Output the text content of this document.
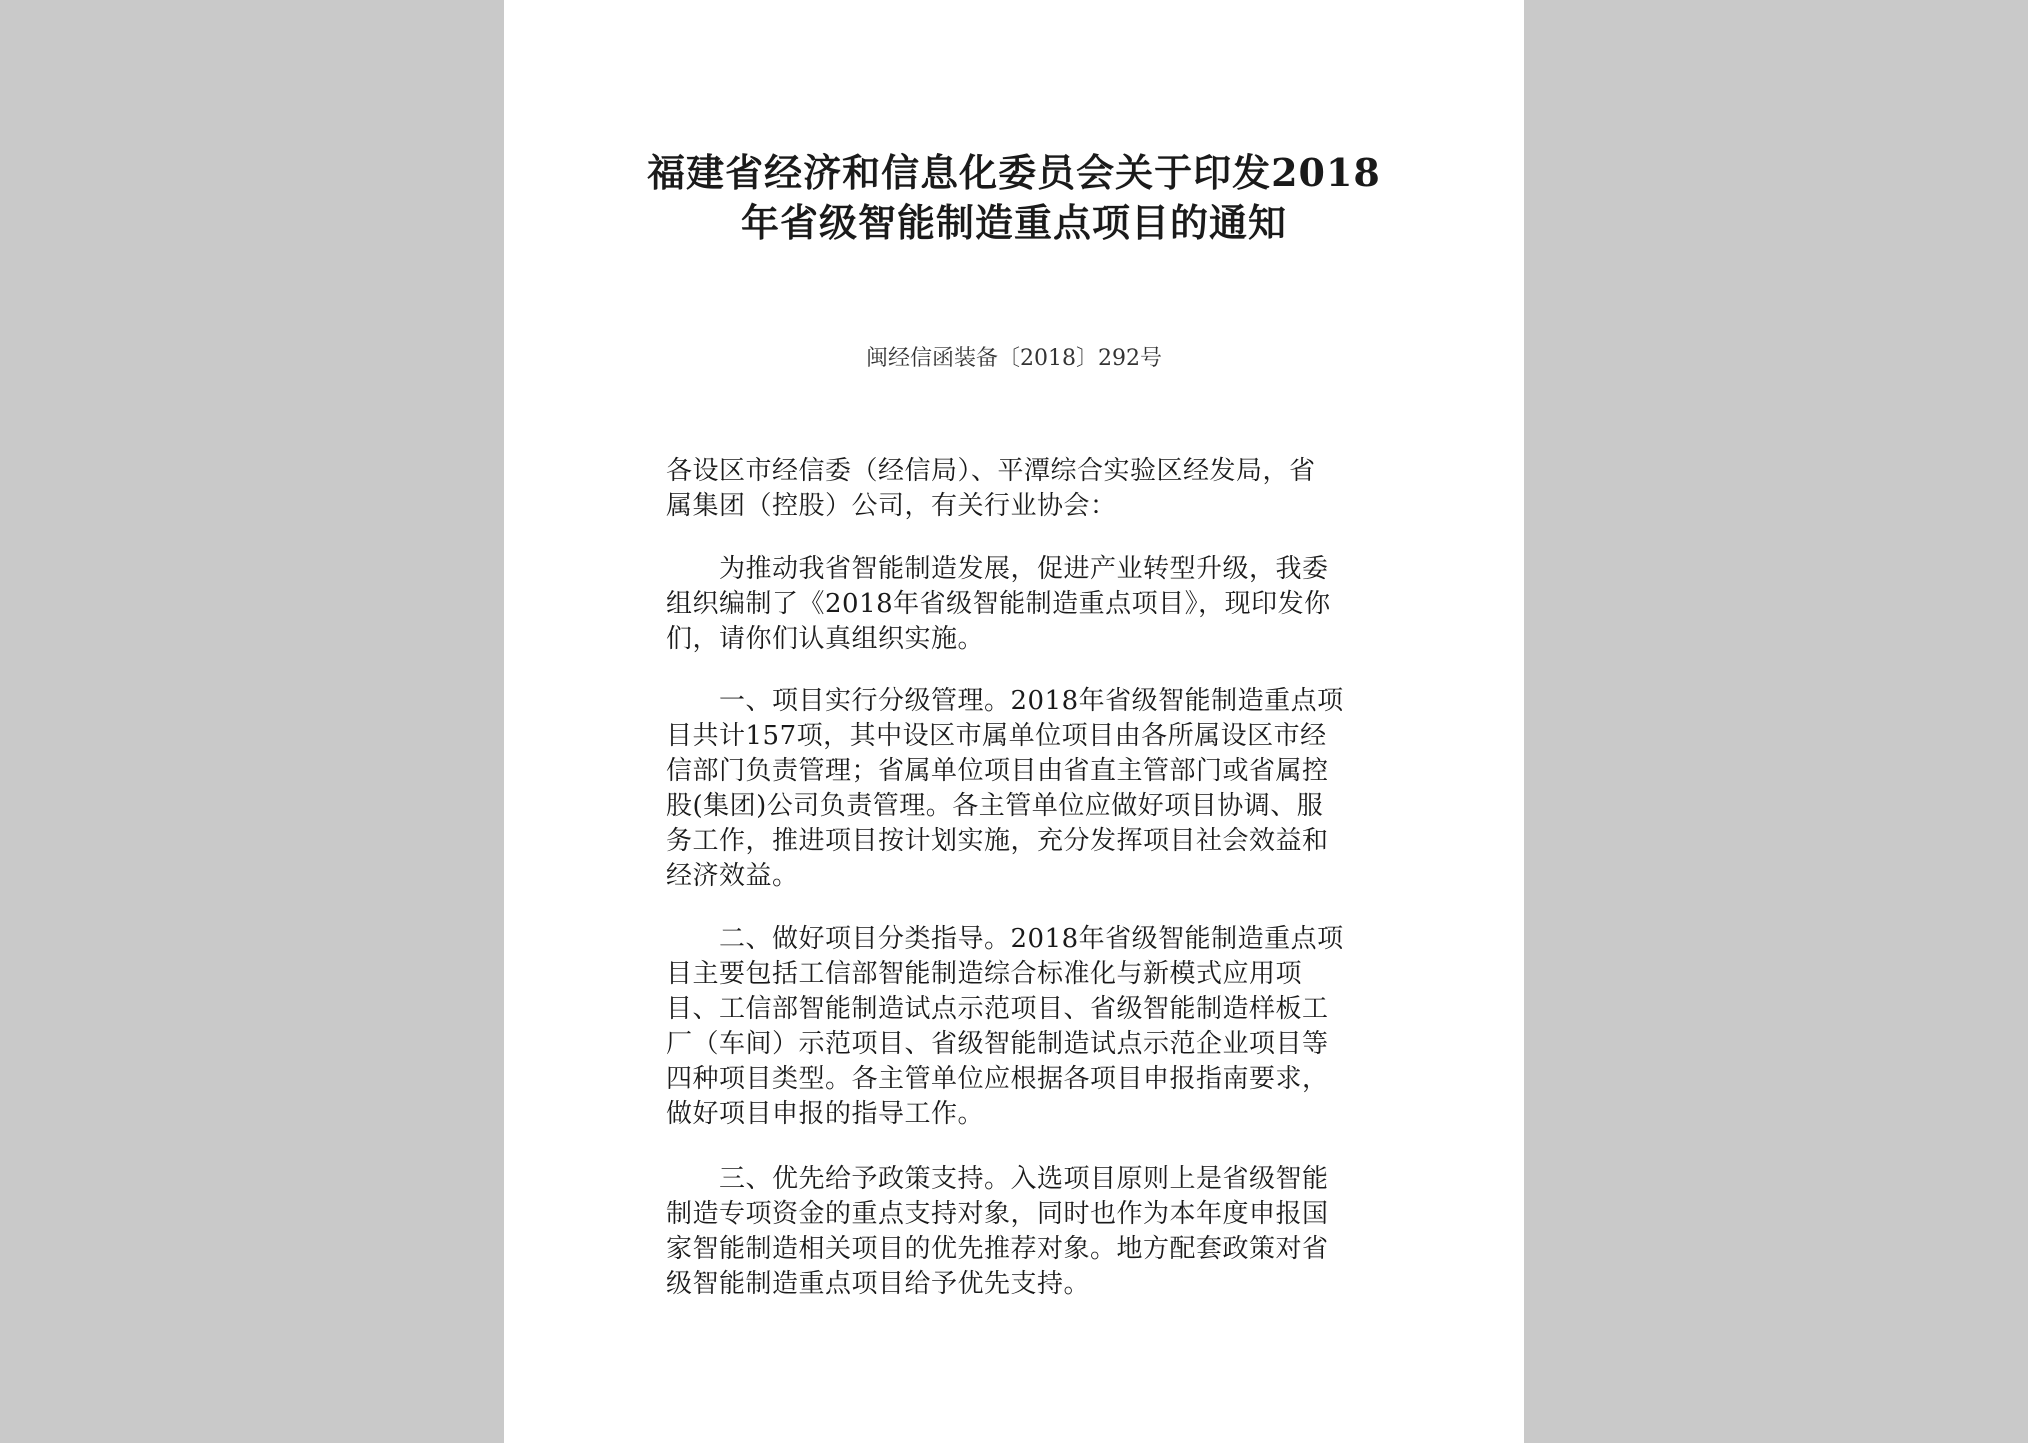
福建省经济和信息化委员会关于印发2018
年省级智能制造重点项目的通知
闽经信函装备〔2018〕292号
各设区市经信委（经信局）、平潭综合实验区经发局，省
属集团（控股）公司，有关行业协会：
　　为推动我省智能制造发展，促进产业转型升级，我委
组织编制了《2018年省级智能制造重点项目》，现印发你
们，请你们认真组织实施。
　　一、项目实行分级管理。2018年省级智能制造重点项
目共计157项，其中设区市属单位项目由各所属设区市经
信部门负责管理；省属单位项目由省直主管部门或省属控
股(集团)公司负责管理。各主管单位应做好项目协调、服
务工作，推进项目按计划实施，充分发挥项目社会效益和
经济效益。
　　二、做好项目分类指导。2018年省级智能制造重点项
目主要包括工信部智能制造综合标准化与新模式应用项
目、工信部智能制造试点示范项目、省级智能制造样板工
厂（车间）示范项目、省级智能制造试点示范企业项目等
四种项目类型。各主管单位应根据各项目申报指南要求，
做好项目申报的指导工作。
　　三、优先给予政策支持。入选项目原则上是省级智能
制造专项资金的重点支持对象，同时也作为本年度申报国
家智能制造相关项目的优先推荐对象。地方配套政策对省
级智能制造重点项目给予优先支持。
